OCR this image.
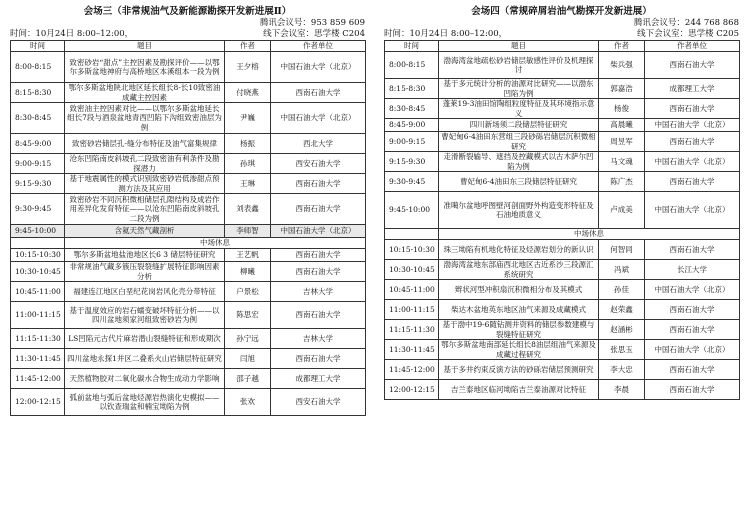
会场三（非常规油气及新能源勘探开发新进展Ⅱ）
腾讯会议号：953 859 609
时间：10月24日 8:00–12:00，	线下会议室：思学楼 C204
时间	题目	作者	作者单位
8:00-8:15	致密砂岩“甜点”主控因素及勘探评价——以鄂尔多斯盆地神府与高桥地区本溪组本一段为例	王夕榕	中国石油大学（北京）
8:15-8:30	鄂尔多斯盆地陕北地区延长组长8-长10致密油成藏主控因素	付晓燕	西南石油大学
8:30-8:45	致密油主控因素对比——以鄂尔多斯盆地延长组长7段与酒泉盆地青西凹陷下沟组致密油层为例	尹巍	中国石油大学（北京）
8:45-9:00	致密砂岩储层孔-缝分布特征及油气富集规律	杨振	西北大学
9:00-9:15	沧东凹陷南皮斜坡孔二段致密油有利条件及勘探潜力	孙琪	西安石油大学
9:15-9:30	基于地震属性的模式识别致密砂岩低渗甜点预测方法及其应用	王琳	西南石油大学
9:30-9:45	致密砂岩不同沉积微相储层孔隙结构及成岩作用差异化发育特征——以沧东凹陷南皮斜坡孔二段为例	刘表鑫	西南石油大学
9:45-10:00	含氦天然气藏剖析	李师智	中国石油大学（北京）
	中场休息		
10:15-10:30	鄂尔多斯盆地盐池地区长6 3 储层特征研究	王艺帆	西南石油大学
10:30-10:45	非常规油气藏多簇压裂裂缝扩展特征影响因素分析	柳曦	西南石油大学
10:45-11:00	福建连江地区白垩纪花岗岩风化壳分带特征	户景松	吉林大学
11:00-11:15	基于温度效应的岩石蠕变破坏特征分析——以四川盆地须家河组致密砂岩为例	陈思宏	西南石油大学
11:15-11:30	LS凹陷元古代片麻岩潜山裂缝特征和形成期次	孙宁远	吉林大学
11:30-11:45	四川盆地永探1井区二叠系火山岩储层特征研究	闫旭	西南石油大学
11:45-12:00	天然植物胶对二氧化碳水合物生成动力学影响	邵子越	成都理工大学
12:00-12:15	弧前盆地与弧后盆地烃源岩热演化史模拟——以钦查瑞盆和楠宝坳陷为例	张欢	西安石油大学
会场四（常规碎屑岩油气勘探开发新进展）
腾讯会议号：244 768 868
时间：10月24日 8:00–12:00，	线下会议室：思学楼 C205
时间	题目	作者	作者单位
8:00-8:15	渤海湾盆地疏松砂岩储层敏感性评价及机理探讨	柴兵强	西南石油大学
8:15-8:30	基于多元统计分析的油源对比研究——以渤东凹陷为例	郭嘉浩	成都理工大学
8:30-8:45	蓬莱19-3油田馆陶组粒度特征及其环境指示意义	杨俊	西南石油大学
8:45-9:00	四川新场须二段储层特征研究	高晨曦	中国石油大学（北京）
9:00-9:15	曹妃甸6-4油田东营组三段砂砾岩储层沉积微相研究	周昱军	西南石油大学
9:15-9:30	走滑断裂输导、遮挡及控藏模式以古木萨尔凹陷为例	马文魂	中国石油大学（北京）
9:30-9:45	曹妃甸6-4油田东三段储层特征研究	陈广杰	西南石油大学
9:45-10:00	准噶尔盆地呼图壁河剖面野外构造变形特征及石油地质意义	卢成美	中国石油大学（北京）
	中场休息		
10:15-10:30	珠三坳陷有机地化特征及烃源岩划分的新认识	何智同	西南石油大学
10:30-10:45	渤海湾盆地东部庙西北地区古近系沙三段源汇系统研究	冯斌	长江大学
10:45-11:00	辫状河型冲积扇沉积微相分布及其模式	孙佳	中国石油大学（北京）
11:00-11:15	柴达木盆地英东地区油气来源及成藏模式	赵荣鑫	西南石油大学
11:15-11:30	基于渤中19-6随钻测井资料的储层参数建模与裂缝特征研究	赵涵彬	西南石油大学
11:30-11:45	鄂尔多斯盆地南部延长组长8油层组油气来源及成藏过程研究	张思玉	中国石油大学（北京）
11:45-12:00	基于多井约束反演方法的砂砾岩储层预测研究	李大忠	西南石油大学
12:00-12:15	吉兰泰地区临河坳陷吉兰泰油源对比特征	李晨	西南石油大学
